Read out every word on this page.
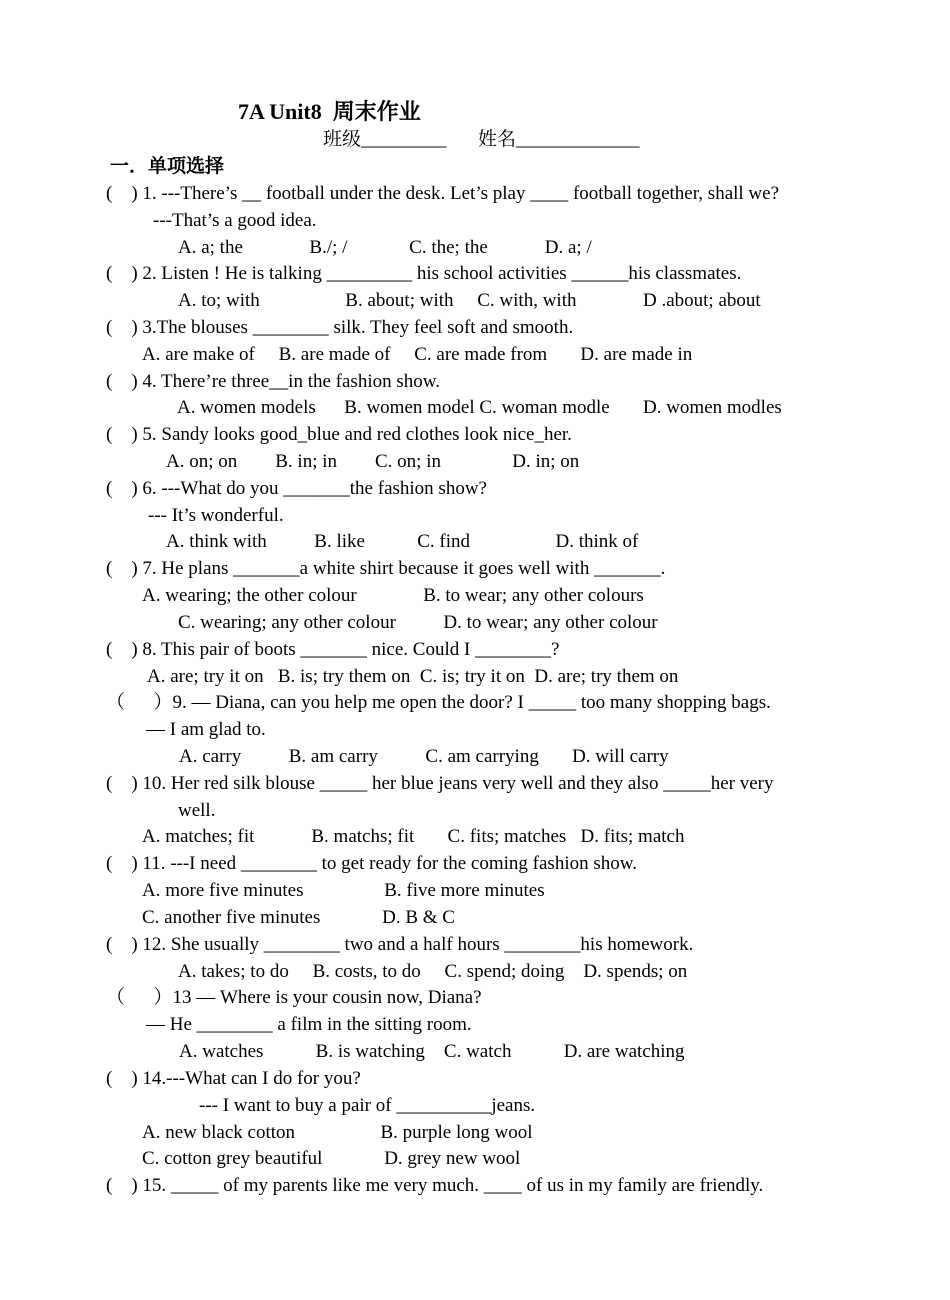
7A Unit8  周末作业
班级_________ 姓名_____________
一．单项选择
(    ) 1. ---There’s __ football under the desk. Let’s play ____ football together, shall we?
---That’s a good idea.
A. a; the              B./; /             C. the; the            D. a; /
(    ) 2. Listen ! He is talking _________ his school activities ______his classmates.
A. to; with                  B. about; with     C. with, with              D .about; about
(    ) 3.The blouses ________ silk. They feel soft and smooth.
A. are make of     B. are made of     C. are made from       D. are made in
(    ) 4. There’re three__in the fashion show.
A. women models      B. women model C. woman modle       D. women modles
(    ) 5. Sandy looks good_blue and red clothes look nice_her.
A. on; on        B. in; in        C. on; in               D. in; on
(    ) 6. ---What do you _______the fashion show?
--- It’s wonderful.
A. think with          B. like           C. find                  D. think of
(    ) 7. He plans _______a white shirt because it goes well with _______.
A. wearing; the other colour              B. to wear; any other colours
C. wearing; any other colour          D. to wear; any other colour
(    ) 8. This pair of boots _______ nice. Could I ________?
A. are; try it on   B. is; try them on  C. is; try it on  D. are; try them on
（      ）9. — Diana, can you help me open the door? I _____ too many shopping bags.
— I am glad to.
A. carry          B. am carry          C. am carrying       D. will carry
(    ) 10. Her red silk blouse _____ her blue jeans very well and they also _____her very
well.
A. matches; fit            B. matchs; fit       C. fits; matches   D. fits; match
(    ) 11. ---I need ________ to get ready for the coming fashion show.
A. more five minutes                 B. five more minutes
C. another five minutes             D. B & C
(    ) 12. She usually ________ two and a half hours ________his homework.
A. takes; to do     B. costs, to do     C. spend; doing    D. spends; on
（      ）13 — Where is your cousin now, Diana?
— He ________ a film in the sitting room.
A. watches           B. is watching    C. watch           D. are watching
(    ) 14.---What can I do for you?
--- I want to buy a pair of __________jeans.
A. new black cotton                  B. purple long wool
C. cotton grey beautiful             D. grey new wool
(    ) 15. _____ of my parents like me very much. ____ of us in my family are friendly.
